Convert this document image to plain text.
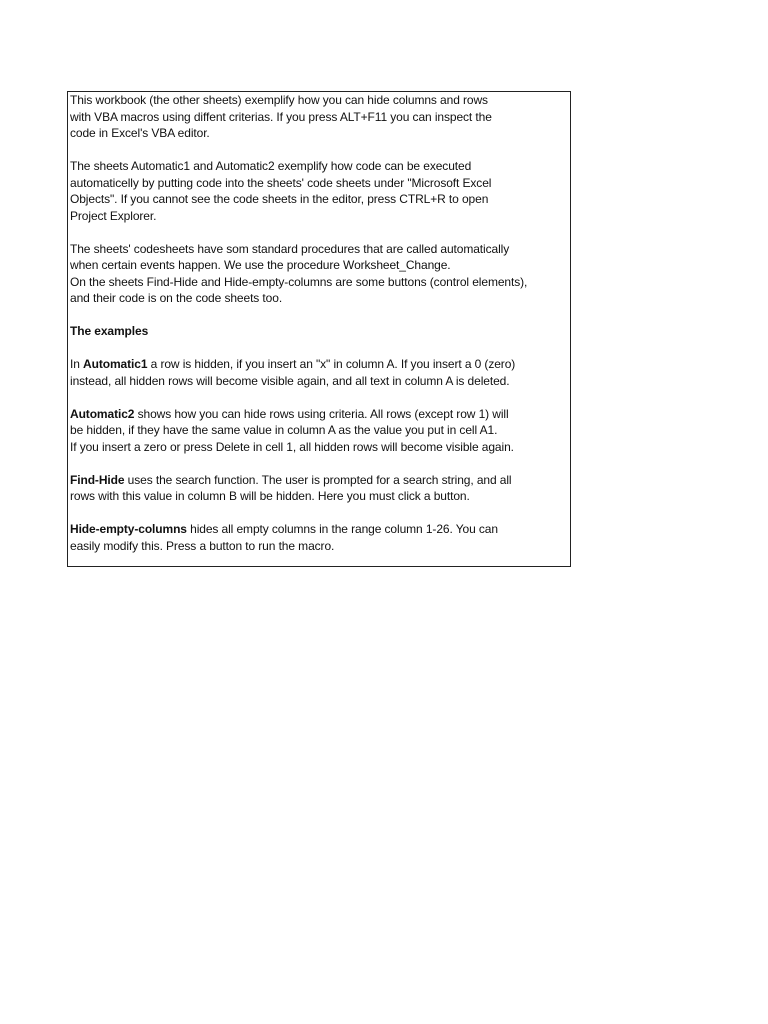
This workbook (the other sheets) exemplify how you can hide columns and rows
with VBA macros using diffent criterias. If you press ALT+F11 you can inspect the
code in Excel's VBA editor.

The sheets Automatic1 and Automatic2 exemplify how code can be executed
automaticelly by putting code into the sheets' code sheets under "Microsoft Excel
Objects". If you cannot see the code sheets in the editor, press CTRL+R to open
Project Explorer.

The sheets' codesheets have som standard procedures that are called automatically
when certain events happen. We use the procedure Worksheet_Change.
On the sheets Find-Hide and Hide-empty-columns are some buttons (control elements),
and their code is on the code sheets too.

The examples

In Automatic1 a row is hidden, if you insert an "x" in column A. If you insert a 0 (zero)
instead, all hidden rows will become visible again, and all text in column A is deleted.

Automatic2 shows how you can hide rows using criteria. All rows (except row 1) will
be hidden, if they have the same value in column A as the value you put in cell A1.
If you insert a zero or press Delete in cell 1, all hidden rows will become visible again.

Find-Hide uses the search function. The user is prompted for a search string, and all
rows with this value in column B will be hidden. Here you must click a button.

Hide-empty-columns hides all empty columns in the range column 1-26. You can
easily modify this. Press a button to run the macro.
